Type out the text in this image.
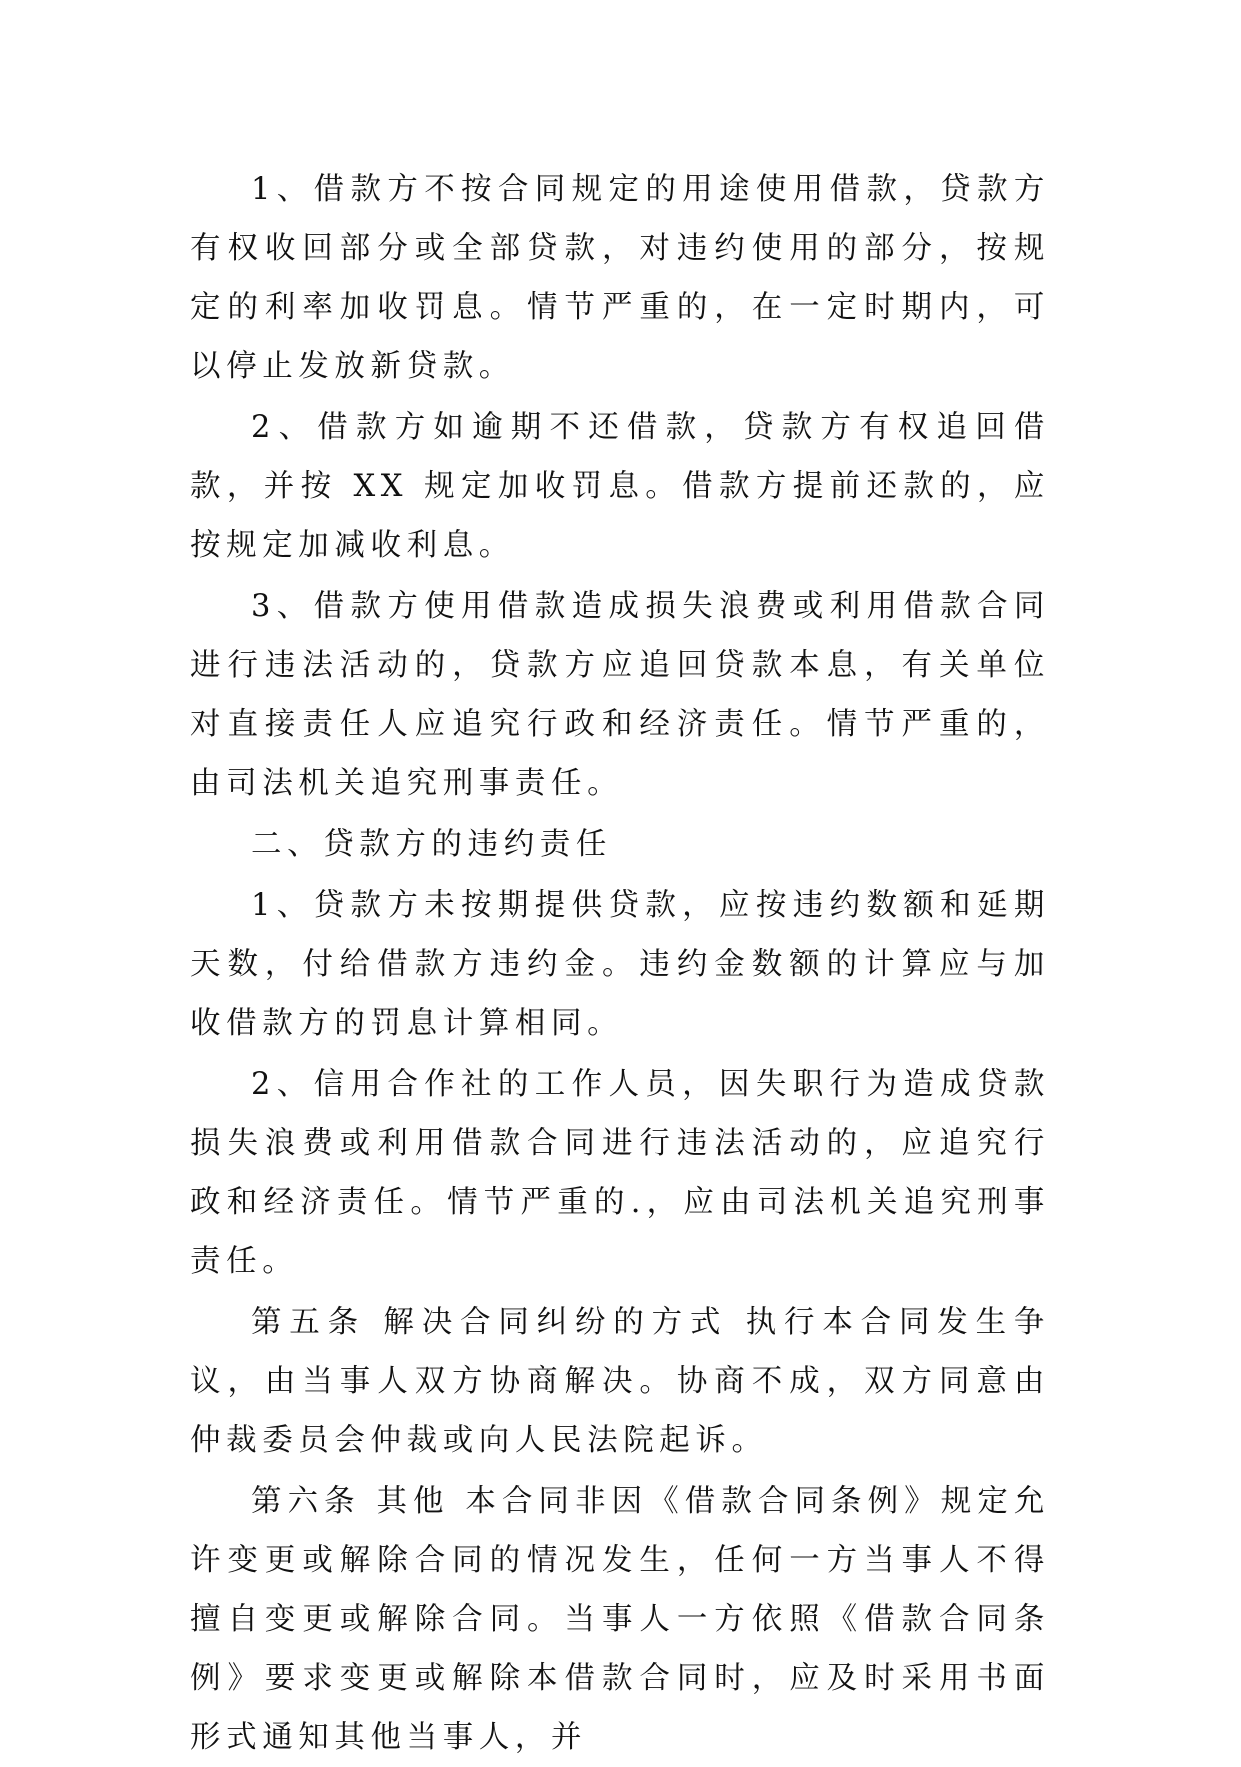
1、借款方不按合同规定的用途使用借款，贷款方有权收回部分或全部贷款，对违约使用的部分，按规定的利率加收罚息。情节严重的，在一定时期内，可以停止发放新贷款。

2、借款方如逾期不还借款，贷款方有权追回借款，并按 XX 规定加收罚息。借款方提前还款的，应按规定加减收利息。

3、借款方使用借款造成损失浪费或利用借款合同进行违法活动的，贷款方应追回贷款本息，有关单位对直接责任人应追究行政和经济责任。情节严重的，由司法机关追究刑事责任。

二、贷款方的违约责任

1、贷款方未按期提供贷款，应按违约数额和延期天数，付给借款方违约金。违约金数额的计算应与加收借款方的罚息计算相同。

2、信用合作社的工作人员，因失职行为造成贷款损失浪费或利用借款合同进行违法活动的，应追究行政和经济责任。情节严重的.，应由司法机关追究刑事责任。

第五条 解决合同纠纷的方式 执行本合同发生争议，由当事人双方协商解决。协商不成，双方同意由仲裁委员会仲裁或向人民法院起诉。

第六条 其他 本合同非因《借款合同条例》规定允许变更或解除合同的情况发生，任何一方当事人不得擅自变更或解除合同。当事人一方依照《借款合同条例》要求变更或解除本借款合同时，应及时采用书面形式通知其他当事人，并
